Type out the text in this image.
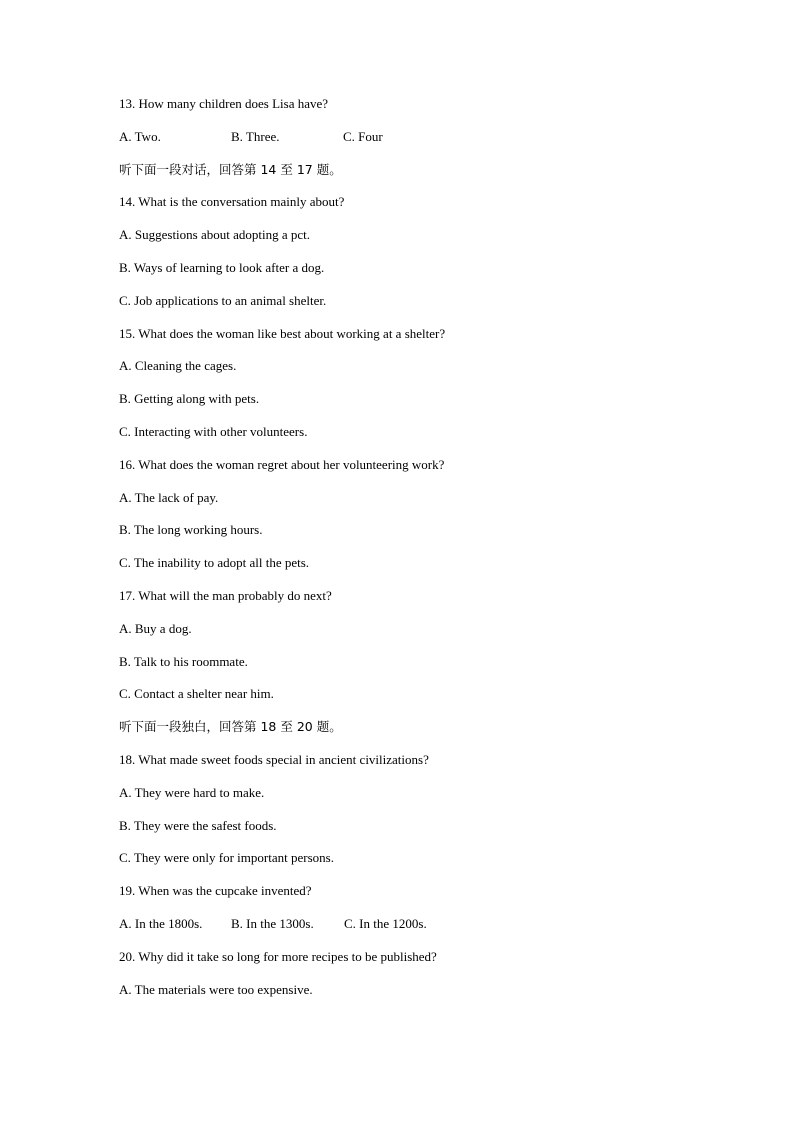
13. How many children does Lisa have?
A. Two.	B. Three.	C. Four
听下面一段对话，回答第 14 至 17 题。
14. What is the conversation mainly about?
A. Suggestions about adopting a pct.
B. Ways of learning to look after a dog.
C. Job applications to an animal shelter.
15. What does the woman like best about working at a shelter?
A. Cleaning the cages.
B. Getting along with pets.
C. Interacting with other volunteers.
16. What does the woman regret about her volunteering work?
A. The lack of pay.
B. The long working hours.
C. The inability to adopt all the pets.
17. What will the man probably do next?
A. Buy a dog.
B. Talk to his roommate.
C. Contact a shelter near him.
听下面一段独白，回答第 18 至 20 题。
18. What made sweet foods special in ancient civilizations?
A. They were hard to make.
B. They were the safest foods.
C. They were only for important persons.
19. When was the cupcake invented?
A. In the 1800s.	B. In the 1300s.	C. In the 1200s.
20. Why did it take so long for more recipes to be published?
A. The materials were too expensive.
